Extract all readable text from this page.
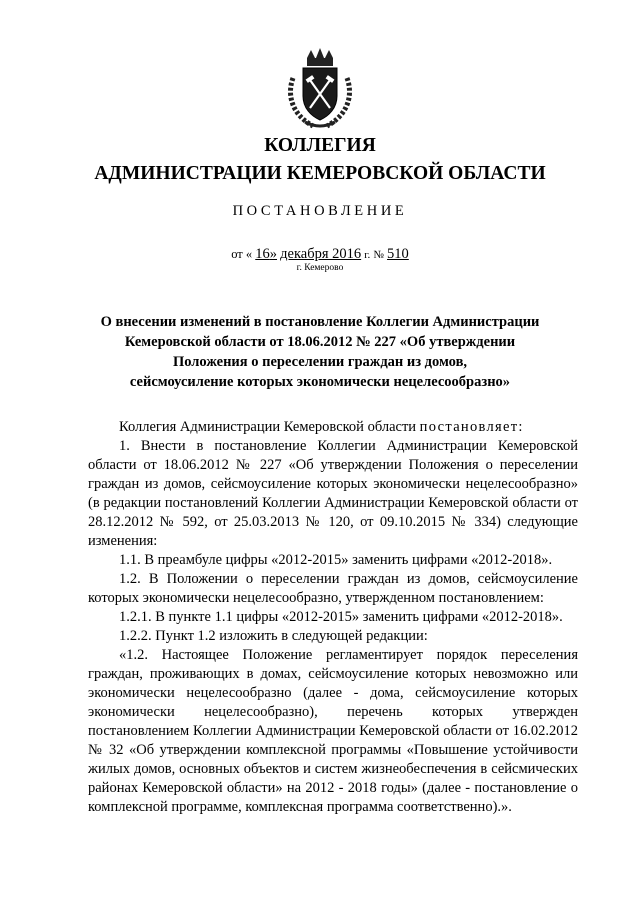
КОЛЛЕГИЯ
АДМИНИСТРАЦИИ КЕМЕРОВСКОЙ ОБЛАСТИ
ПОСТАНОВЛЕНИЕ
от « 16» декабря 2016 г. № 510
г. Кемерово
О внесении изменений в постановление Коллегии Администрации
Кемеровской области от 18.06.2012 № 227 «Об утверждении
Положения о переселении граждан из домов,
сейсмоусиление которых экономически нецелесообразно»

Коллегия Администрации Кемеровской области постановляет:

1. Внести в постановление Коллегии Администрации Кемеровской области от 18.06.2012 № 227 «Об утверждении Положения о переселении граждан из домов, сейсмоусиление которых экономически нецелесообразно» (в редакции постановлений Коллегии Администрации Кемеровской области от 28.12.2012 № 592, от 25.03.2013 № 120, от 09.10.2015 № 334) следующие изменения:

1.1. В преамбуле цифры «2012-2015» заменить цифрами «2012-2018».

1.2. В Положении о переселении граждан из домов, сейсмоусиление которых экономически нецелесообразно, утвержденном постановлением:

1.2.1. В пункте 1.1 цифры «2012-2015» заменить цифрами «2012-2018».

1.2.2. Пункт 1.2 изложить в следующей редакции:

«1.2. Настоящее Положение регламентирует порядок переселения граждан, проживающих в домах, сейсмоусиление которых невозможно или экономически нецелесообразно (далее - дома, сейсмоусиление которых экономически нецелесообразно), перечень которых утвержден постановлением Коллегии Администрации Кемеровской области от 16.02.2012 № 32 «Об утверждении комплексной программы «Повышение устойчивости жилых домов, основных объектов и систем жизнеобеспечения в сейсмических районах Кемеровской области» на 2012 - 2018 годы» (далее - постановление о комплексной программе, комплексная программа соответственно).».
